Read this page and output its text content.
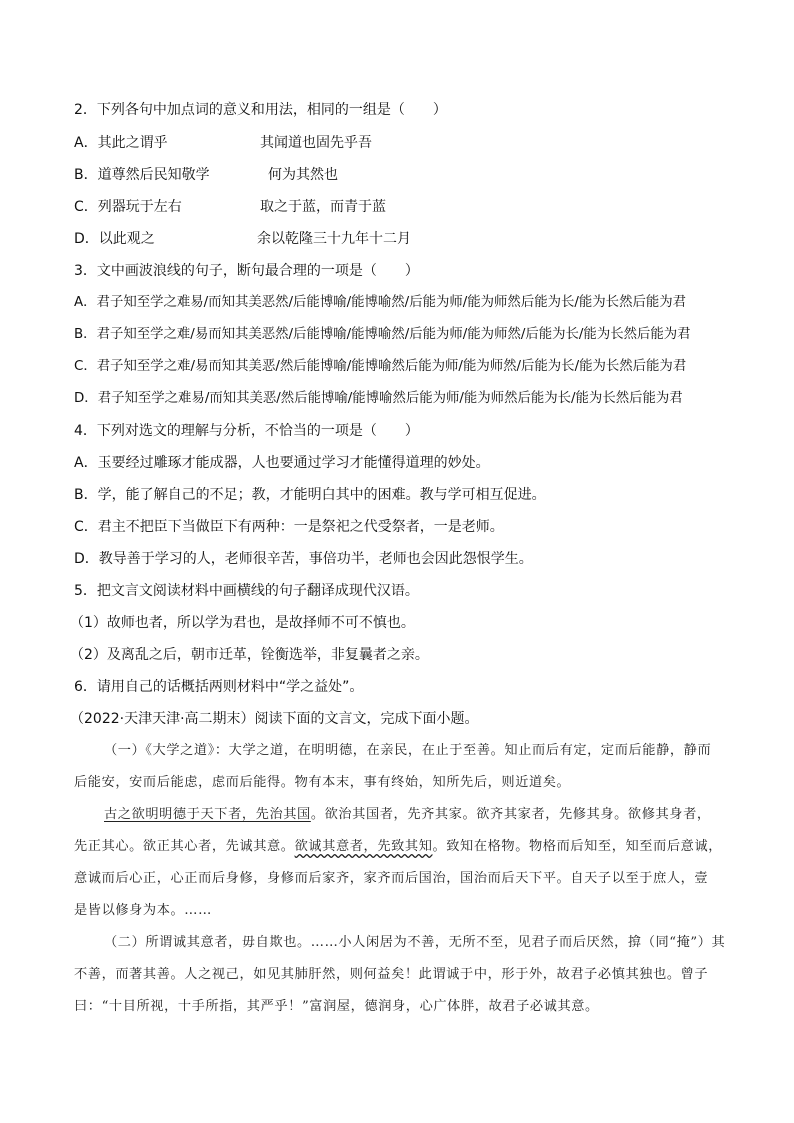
2．下列各句中加点词的意义和用法，相同的一组是（　　）
A．其此之谓乎	其闻道也固先乎吾
B．道尊然后民知敬学	何为其然也
C．列器玩于左右	取之于蓝，而青于蓝
D．以此观之	余以乾隆三十九年十二月
3．文中画波浪线的句子，断句最合理的一项是（　　）
A．君子知至学之难易/而知其美恶然/后能博喻/能博喻然/后能为师/能为师然后能为长/能为长然后能为君
B．君子知至学之难/易而知其美恶然/后能博喻/能博喻然/后能为师/能为师然/后能为长/能为长然后能为君
C．君子知至学之难/易而知其美恶/然后能博喻/能博喻然后能为师/能为师然/后能为长/能为长然后能为君
D．君子知至学之难易/而知其美恶/然后能博喻/能博喻然后能为师/能为师然后能为长/能为长然后能为君
4．下列对选文的理解与分析，不恰当的一项是（　　）
A．玉要经过雕琢才能成器，人也要通过学习才能懂得道理的妙处。
B．学，能了解自己的不足；教，才能明白其中的困难。教与学可相互促进。
C．君主不把臣下当做臣下有两种：一是祭祀之代受祭者，一是老师。
D．教导善于学习的人，老师很辛苦，事倍功半，老师也会因此怨恨学生。
5．把文言文阅读材料中画横线的句子翻译成现代汉语。
（1）故师也者，所以学为君也，是故择师不可不慎也。
（2）及离乱之后，朝市迁革，铨衡选举，非复曩者之亲。
6．请用自己的话概括两则材料中“学之益处”。
（2022·天津天津·高二期末）阅读下面的文言文，完成下面小题。
（一）《大学之道》：大学之道，在明明德，在亲民，在止于至善。知止而后有定，定而后能静，静而
后能安，安而后能虑，虑而后能得。物有本末，事有终始，知所先后，则近道矣。
古之欲明明德于天下者，先治其国。欲治其国者，先齐其家。欲齐其家者，先修其身。欲修其身者，
先正其心。欲正其心者，先诚其意。欲诚其意者，先致其知。致知在格物。物格而后知至，知至而后意诚，
意诚而后心正，心正而后身修，身修而后家齐，家齐而后国治，国治而后天下平。自天子以至于庶人，壹
是皆以修身为本。……
（二）所谓诚其意者，毋自欺也。……小人闲居为不善，无所不至，见君子而后厌然，揜（同“掩”）其
不善，而著其善。人之视己，如见其肺肝然，则何益矣！此谓诚于中，形于外，故君子必慎其独也。曾子
曰：“十目所视，十手所指，其严乎！”富润屋，德润身，心广体胖，故君子必诚其意。
